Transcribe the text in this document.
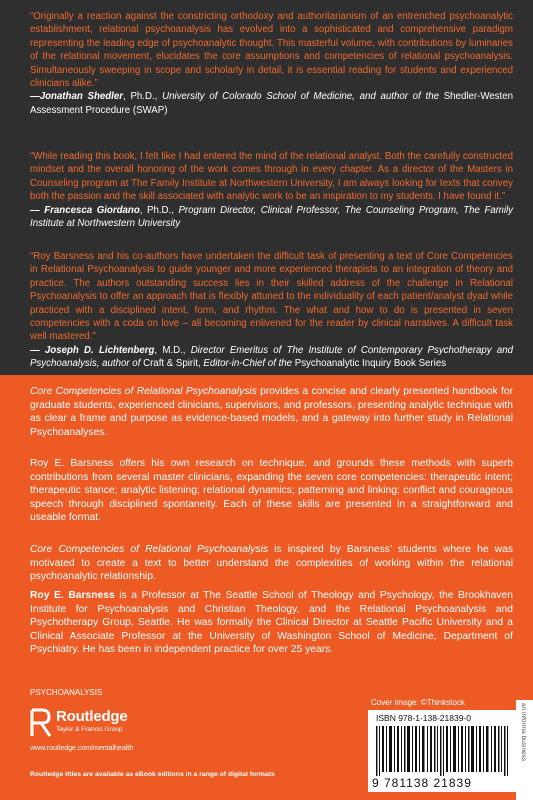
“Originally a reaction against the constricting orthodoxy and authoritarianism of an entrenched psychoanalytic establishment, relational psychoanalysis has evolved into a sophisticated and comprehensive paradigm representing the leading edge of psychoanalytic thought. This masterful volume, with contributions by luminaries of the relational movement, elucidates the core assumptions and competencies of relational psychoanalysis. Simultaneously sweeping in scope and scholarly in detail, it is essential reading for students and experienced clinicians alike.”

—Jonathan Shedler, Ph.D., University of Colorado School of Medicine, and author of the Shedler-Westen Assessment Procedure (SWAP)

“While reading this book, I felt like I had entered the mind of the relational analyst. Both the carefully constructed mindset and the overall honoring of the work comes through in every chapter. As a director of the Masters in Counseling program at The Family Institute at Northwestern University, I am always looking for texts that convey both the passion and the skill associated with analytic work to be an inspiration to my students. I have found it.”

— Francesca Giordano, Ph.D., Program Director, Clinical Professor, The Counseling Program, The Family Institute at Northwestern University

“Roy Barsness and his co-authors have undertaken the difficult task of presenting a text of Core Competencies in Relational Psychoanalysis to guide younger and more experienced therapists to an integration of theory and practice. The authors outstanding success lies in their skilled address of the challenge in Relational Psychoanalysis to offer an approach that is flexibly attuned to the individuality of each patient/analyst dyad while practiced with a disciplined intent, form, and rhythm. The what and how to do is presented in seven competencies with a coda on love – all becoming enlivened for the reader by clinical narratives. A difficult task well mastered.”

— Joseph D. Lichtenberg, M.D., Director Emeritus of The Institute of Contemporary Psychotherapy and Psychoanalysis, author of Craft & Spirit, Editor-in-Chief of the Psychoanalytic Inquiry Book Series

Core Competencies of Relational Psychoanalysis provides a concise and clearly presented handbook for graduate students, experienced clinicians, supervisors, and professors, presenting analytic technique with as clear a frame and purpose as evidence-based models, and a gateway into further study in Relational Psychoanalyses.

Roy E. Barsness offers his own research on technique, and grounds these methods with superb contributions from several master clinicians, expanding the seven core competencies: therapeutic intent; therapeutic stance; analytic listening; relational dynamics; patterning and linking; conflict and courageous speech through disciplined spontaneity. Each of these skills are presented in a straightforward and useable format.

Core Competencies of Relational Psychoanalysis is inspired by Barsness’ students where he was motivated to create a text to better understand the complexities of working within the relational psychoanalytic relationship.

Roy E. Barsness is a Professor at The Seattle School of Theology and Psychology, the Brookhaven Institute for Psychoanalysis and Christian Theology, and the Relational Psychoanalysis and Psychotherapy Group, Seattle. He was formally the Clinical Director at Seattle Pacific University and a Clinical Associate Professor at the University of Washington School of Medicine, Department of Psychiatry. He has been in independent practice for over 25 years.

PSYCHOANALYSIS

Routledge
Taylor & Francis Group
www.routledge.com/mentalhealth
Routledge titles are available as eBook editions in a range of digital formats
Cover image: ©Thinkstock
ISBN 978-1-138-21839-0
9 781138 21839
an informa business
